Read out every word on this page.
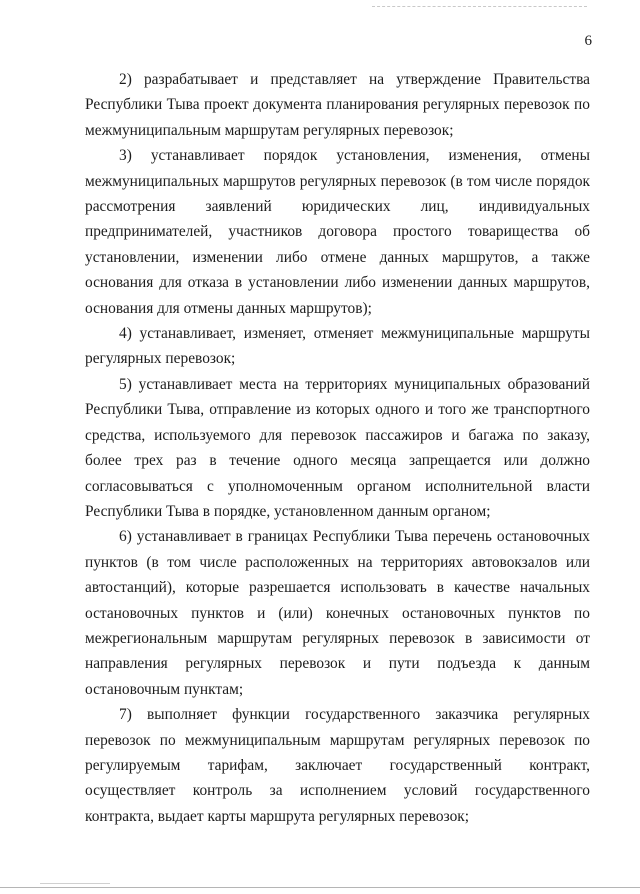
6

2) разрабатывает и представляет на утверждение Правительства Республики Тыва проект документа планирования регулярных перевозок по межмуниципальным маршрутам регулярных перевозок;

3) устанавливает порядок установления, изменения, отмены межмуниципальных маршрутов регулярных перевозок (в том числе порядок рассмотрения заявлений юридических лиц, индивидуальных предпринимателей, участников договора простого товарищества об установлении, изменении либо отмене данных маршрутов, а также основания для отказа в установлении либо изменении данных маршрутов, основания для отмены данных маршрутов);

4) устанавливает, изменяет, отменяет межмуниципальные маршруты регулярных перевозок;

5) устанавливает места на территориях муниципальных образований Республики Тыва, отправление из которых одного и того же транспортного средства, используемого для перевозок пассажиров и багажа по заказу, более трех раз в течение одного месяца запрещается или должно согласовываться с уполномоченным органом исполнительной власти Республики Тыва в порядке, установленном данным органом;

6) устанавливает в границах Республики Тыва перечень остановочных пунктов (в том числе расположенных на территориях автовокзалов или автостанций), которые разрешается использовать в качестве начальных остановочных пунктов и (или) конечных остановочных пунктов по межрегиональным маршрутам регулярных перевозок в зависимости от направления регулярных перевозок и пути подъезда к данным остановочным пунктам;

7) выполняет функции государственного заказчика регулярных перевозок по межмуниципальным маршрутам регулярных перевозок по регулируемым тарифам, заключает государственный контракт, осуществляет контроль за исполнением условий государственного контракта, выдает карты маршрута регулярных перевозок;
